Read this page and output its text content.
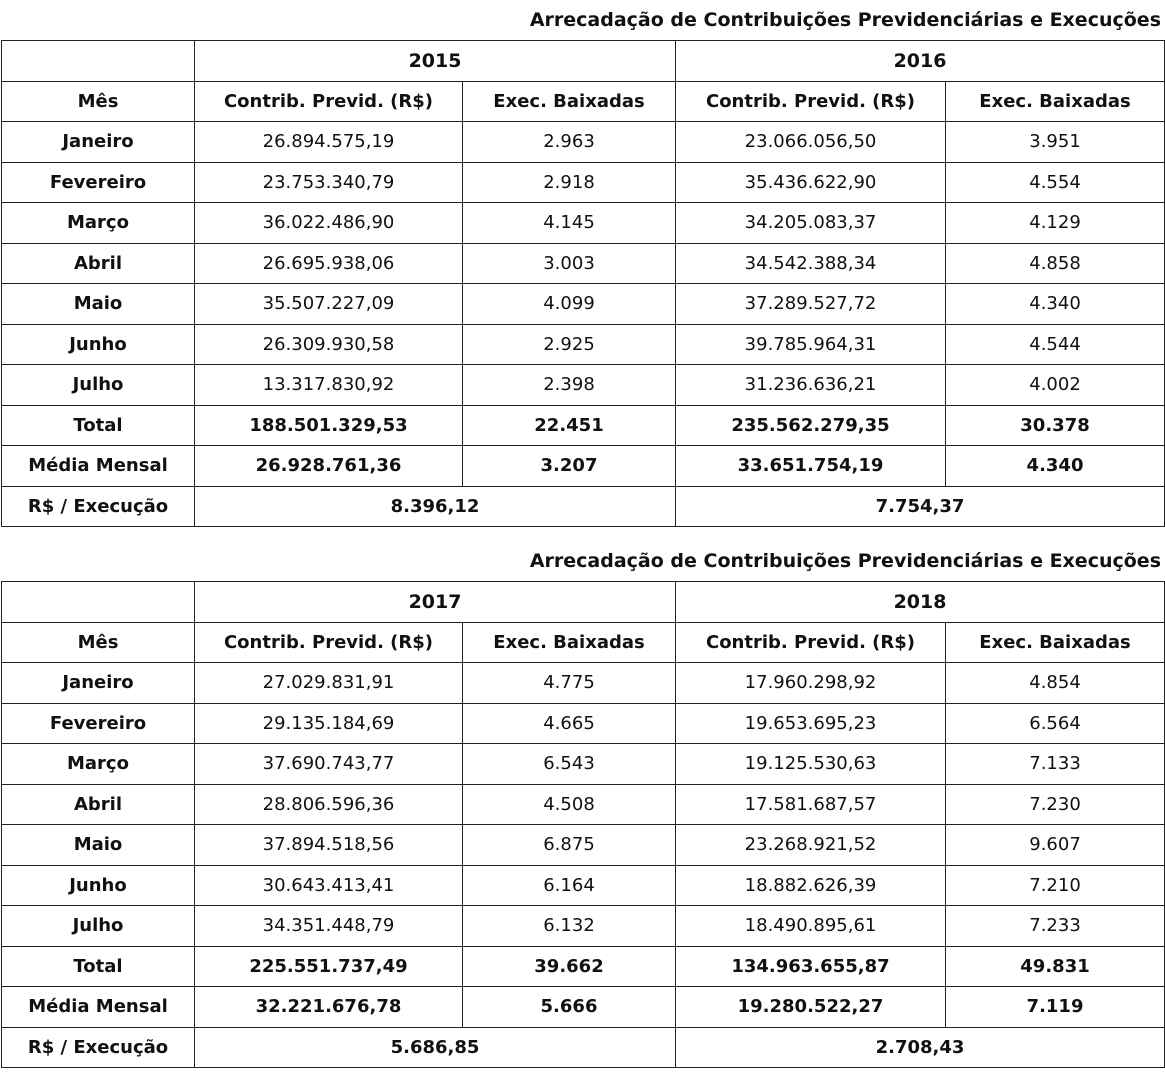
Arrecadação de Contribuições Previdenciárias e Execuções
	2015		2016	
Mês	Contrib. Previd. (R$)	Exec. Baixadas	Contrib. Previd. (R$)	Exec. Baixadas
Janeiro	26.894.575,19	2.963	23.066.056,50	3.951
Fevereiro	23.753.340,79	2.918	35.436.622,90	4.554
Março	36.022.486,90	4.145	34.205.083,37	4.129
Abril	26.695.938,06	3.003	34.542.388,34	4.858
Maio	35.507.227,09	4.099	37.289.527,72	4.340
Junho	26.309.930,58	2.925	39.785.964,31	4.544
Julho	13.317.830,92	2.398	31.236.636,21	4.002
Total	188.501.329,53	22.451	235.562.279,35	30.378
Média Mensal	26.928.761,36	3.207	33.651.754,19	4.340
R$ / Execução	8.396,12		7.754,37	
Arrecadação de Contribuições Previdenciárias e Execuções
	2017		2018	
Mês	Contrib. Previd. (R$)	Exec. Baixadas	Contrib. Previd. (R$)	Exec. Baixadas
Janeiro	27.029.831,91	4.775	17.960.298,92	4.854
Fevereiro	29.135.184,69	4.665	19.653.695,23	6.564
Março	37.690.743,77	6.543	19.125.530,63	7.133
Abril	28.806.596,36	4.508	17.581.687,57	7.230
Maio	37.894.518,56	6.875	23.268.921,52	9.607
Junho	30.643.413,41	6.164	18.882.626,39	7.210
Julho	34.351.448,79	6.132	18.490.895,61	7.233
Total	225.551.737,49	39.662	134.963.655,87	49.831
Média Mensal	32.221.676,78	5.666	19.280.522,27	7.119
R$ / Execução	5.686,85		2.708,43	
